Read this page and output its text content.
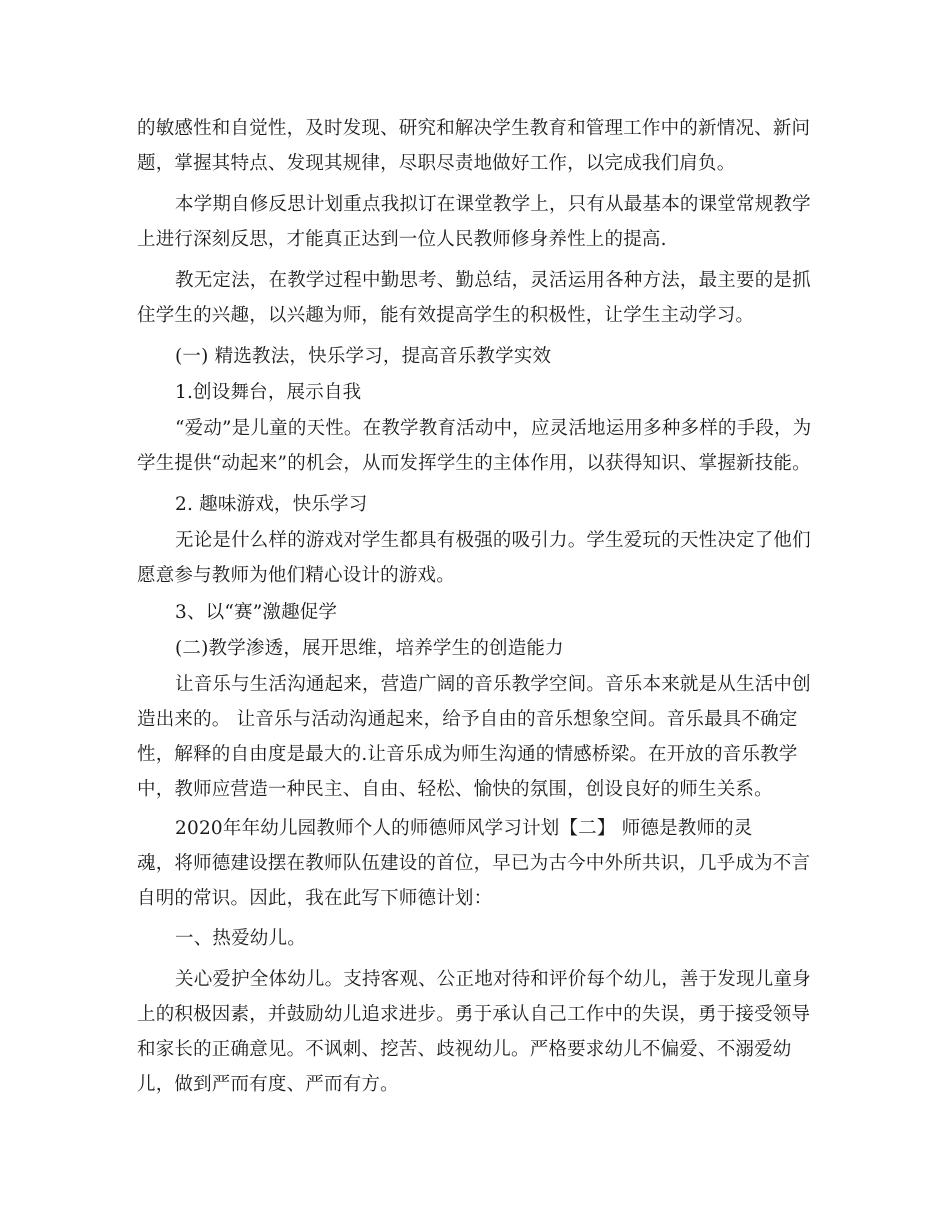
的敏感性和自觉性，及时发现、研究和解决学生教育和管理工作中的新情况、新问
题，掌握其特点、发现其规律，尽职尽责地做好工作，以完成我们肩负。
本学期自修反思计划重点我拟订在课堂教学上，只有从最基本的课堂常规教学
上进行深刻反思，才能真正达到一位人民教师修身养性上的提高.
教无定法，在教学过程中勤思考、勤总结，灵活运用各种方法，最主要的是抓
住学生的兴趣，以兴趣为师，能有效提高学生的积极性，让学生主动学习。
(一) 精选教法，快乐学习，提高音乐教学实效
1.创设舞台，展示自我
“爱动”是儿童的天性。在教学教育活动中，应灵活地运用多种多样的手段，为
学生提供“动起来”的机会，从而发挥学生的主体作用，以获得知识、掌握新技能。
2. 趣味游戏，快乐学习
无论是什么样的游戏对学生都具有极强的吸引力。学生爱玩的天性决定了他们
愿意参与教师为他们精心设计的游戏。
3、以“赛”激趣促学
(二)教学渗透，展开思维，培养学生的创造能力
让音乐与生活沟通起来，营造广阔的音乐教学空间。音乐本来就是从生活中创
造出来的。 让音乐与活动沟通起来，给予自由的音乐想象空间。音乐最具不确定
性，解释的自由度是最大的.让音乐成为师生沟通的情感桥梁。在开放的音乐教学
中，教师应营造一种民主、自由、轻松、愉快的氛围，创设良好的师生关系。
2020年年幼儿园教师个人的师德师风学习计划【二】 师德是教师的灵
魂，将师德建设摆在教师队伍建设的首位，早已为古今中外所共识，几乎成为不言
自明的常识。因此，我在此写下师德计划：
一、热爱幼儿。
关心爱护全体幼儿。支持客观、公正地对待和评价每个幼儿，善于发现儿童身
上的积极因素，并鼓励幼儿追求进步。勇于承认自己工作中的失误，勇于接受领导
和家长的正确意见。不讽刺、挖苦、歧视幼儿。严格要求幼儿不偏爱、不溺爱幼
儿，做到严而有度、严而有方。
